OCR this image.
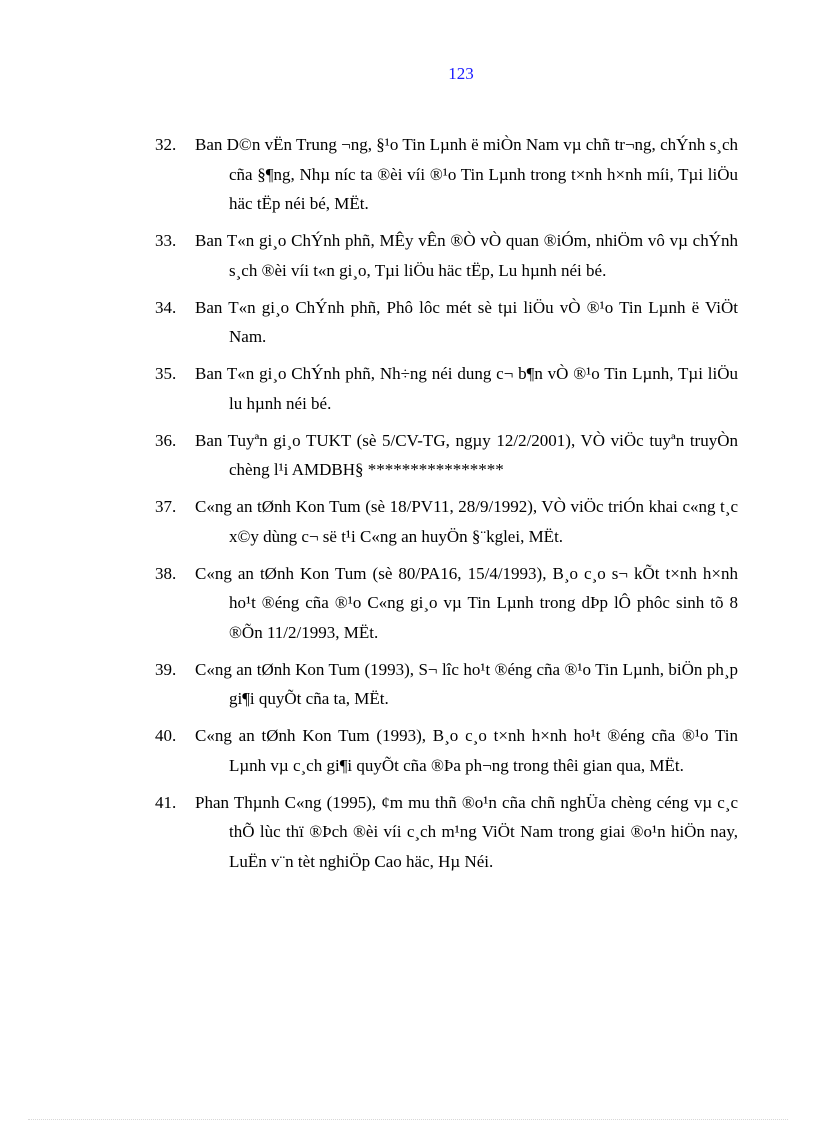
123
32. Ban D©n vËn Trung ¬ng, §¹o Tin Lµnh ë miÒn Nam vµ chñ tr¬ng, chÝnh s¸ch cña §¶ng, Nhµ níc ta ®èi víi ®¹o Tin Lµnh trong t×nh h×nh míi, Tµi liÖu häc tËp néi bé, MËt.
33. Ban T«n gi¸o ChÝnh phñ, MÊy vÊn ®Ò vÒ quan ®iÓm, nhiÖm vô vµ chÝnh s¸ch ®èi víi t«n gi¸o, Tµi liÖu häc tËp, Lu hµnh néi bé.
34. Ban T«n gi¸o ChÝnh phñ, Phô lôc mét sè tµi liÖu vÒ ®¹o Tin Lµnh ë ViÖt Nam.
35. Ban T«n gi¸o ChÝnh phñ, Nh÷ng néi dung c¬ b¶n vÒ ®¹o Tin Lµnh, Tµi liÖu lu hµnh néi bé.
36. Ban Tuyªn gi¸o TUKT (sè 5/CV-TG, ngµy 12/2/2001), VÒ viÖc tuyªn truyÒn chèng l¹i AMDBH§ ****************
37. C«ng an tØnh Kon Tum (sè 18/PV11, 28/9/1992), VÒ viÖc triÓn khai c«ng t¸c x©y dùng c¬ së t¹i C«ng an huyÖn §¨kglei, MËt.
38. C«ng an tØnh Kon Tum (sè 80/PA16, 15/4/1993), B¸o c¸o s¬ kÕt t×nh h×nh ho¹t ®éng cña ®¹o C«ng gi¸o vµ Tin Lµnh trong dÞp lÔ phôc sinh tõ 8 ®Õn 11/2/1993, MËt.
39. C«ng an tØnh Kon Tum (1993), S¬ lîc ho¹t ®éng cña ®¹o Tin Lµnh, biÖn ph¸p gi¶i quyÕt cña ta, MËt.
40. C«ng an tØnh Kon Tum (1993), B¸o c¸o t×nh h×nh ho¹t ®éng cña ®¹o Tin Lµnh vµ c¸ch gi¶i quyÕt cña ®Þa ph¬ng trong thêi gian qua, MËt.
41. Phan Thµnh C«ng (1995), ¢m mu thñ ®o¹n cña chñ nghÜa chèng céng vµ c¸c thÕ lùc thï ®Þch ®èi víi c¸ch m¹ng ViÖt Nam trong giai ®o¹n hiÖn nay, LuËn v¨n tèt nghiÖp Cao häc, Hµ Néi.
